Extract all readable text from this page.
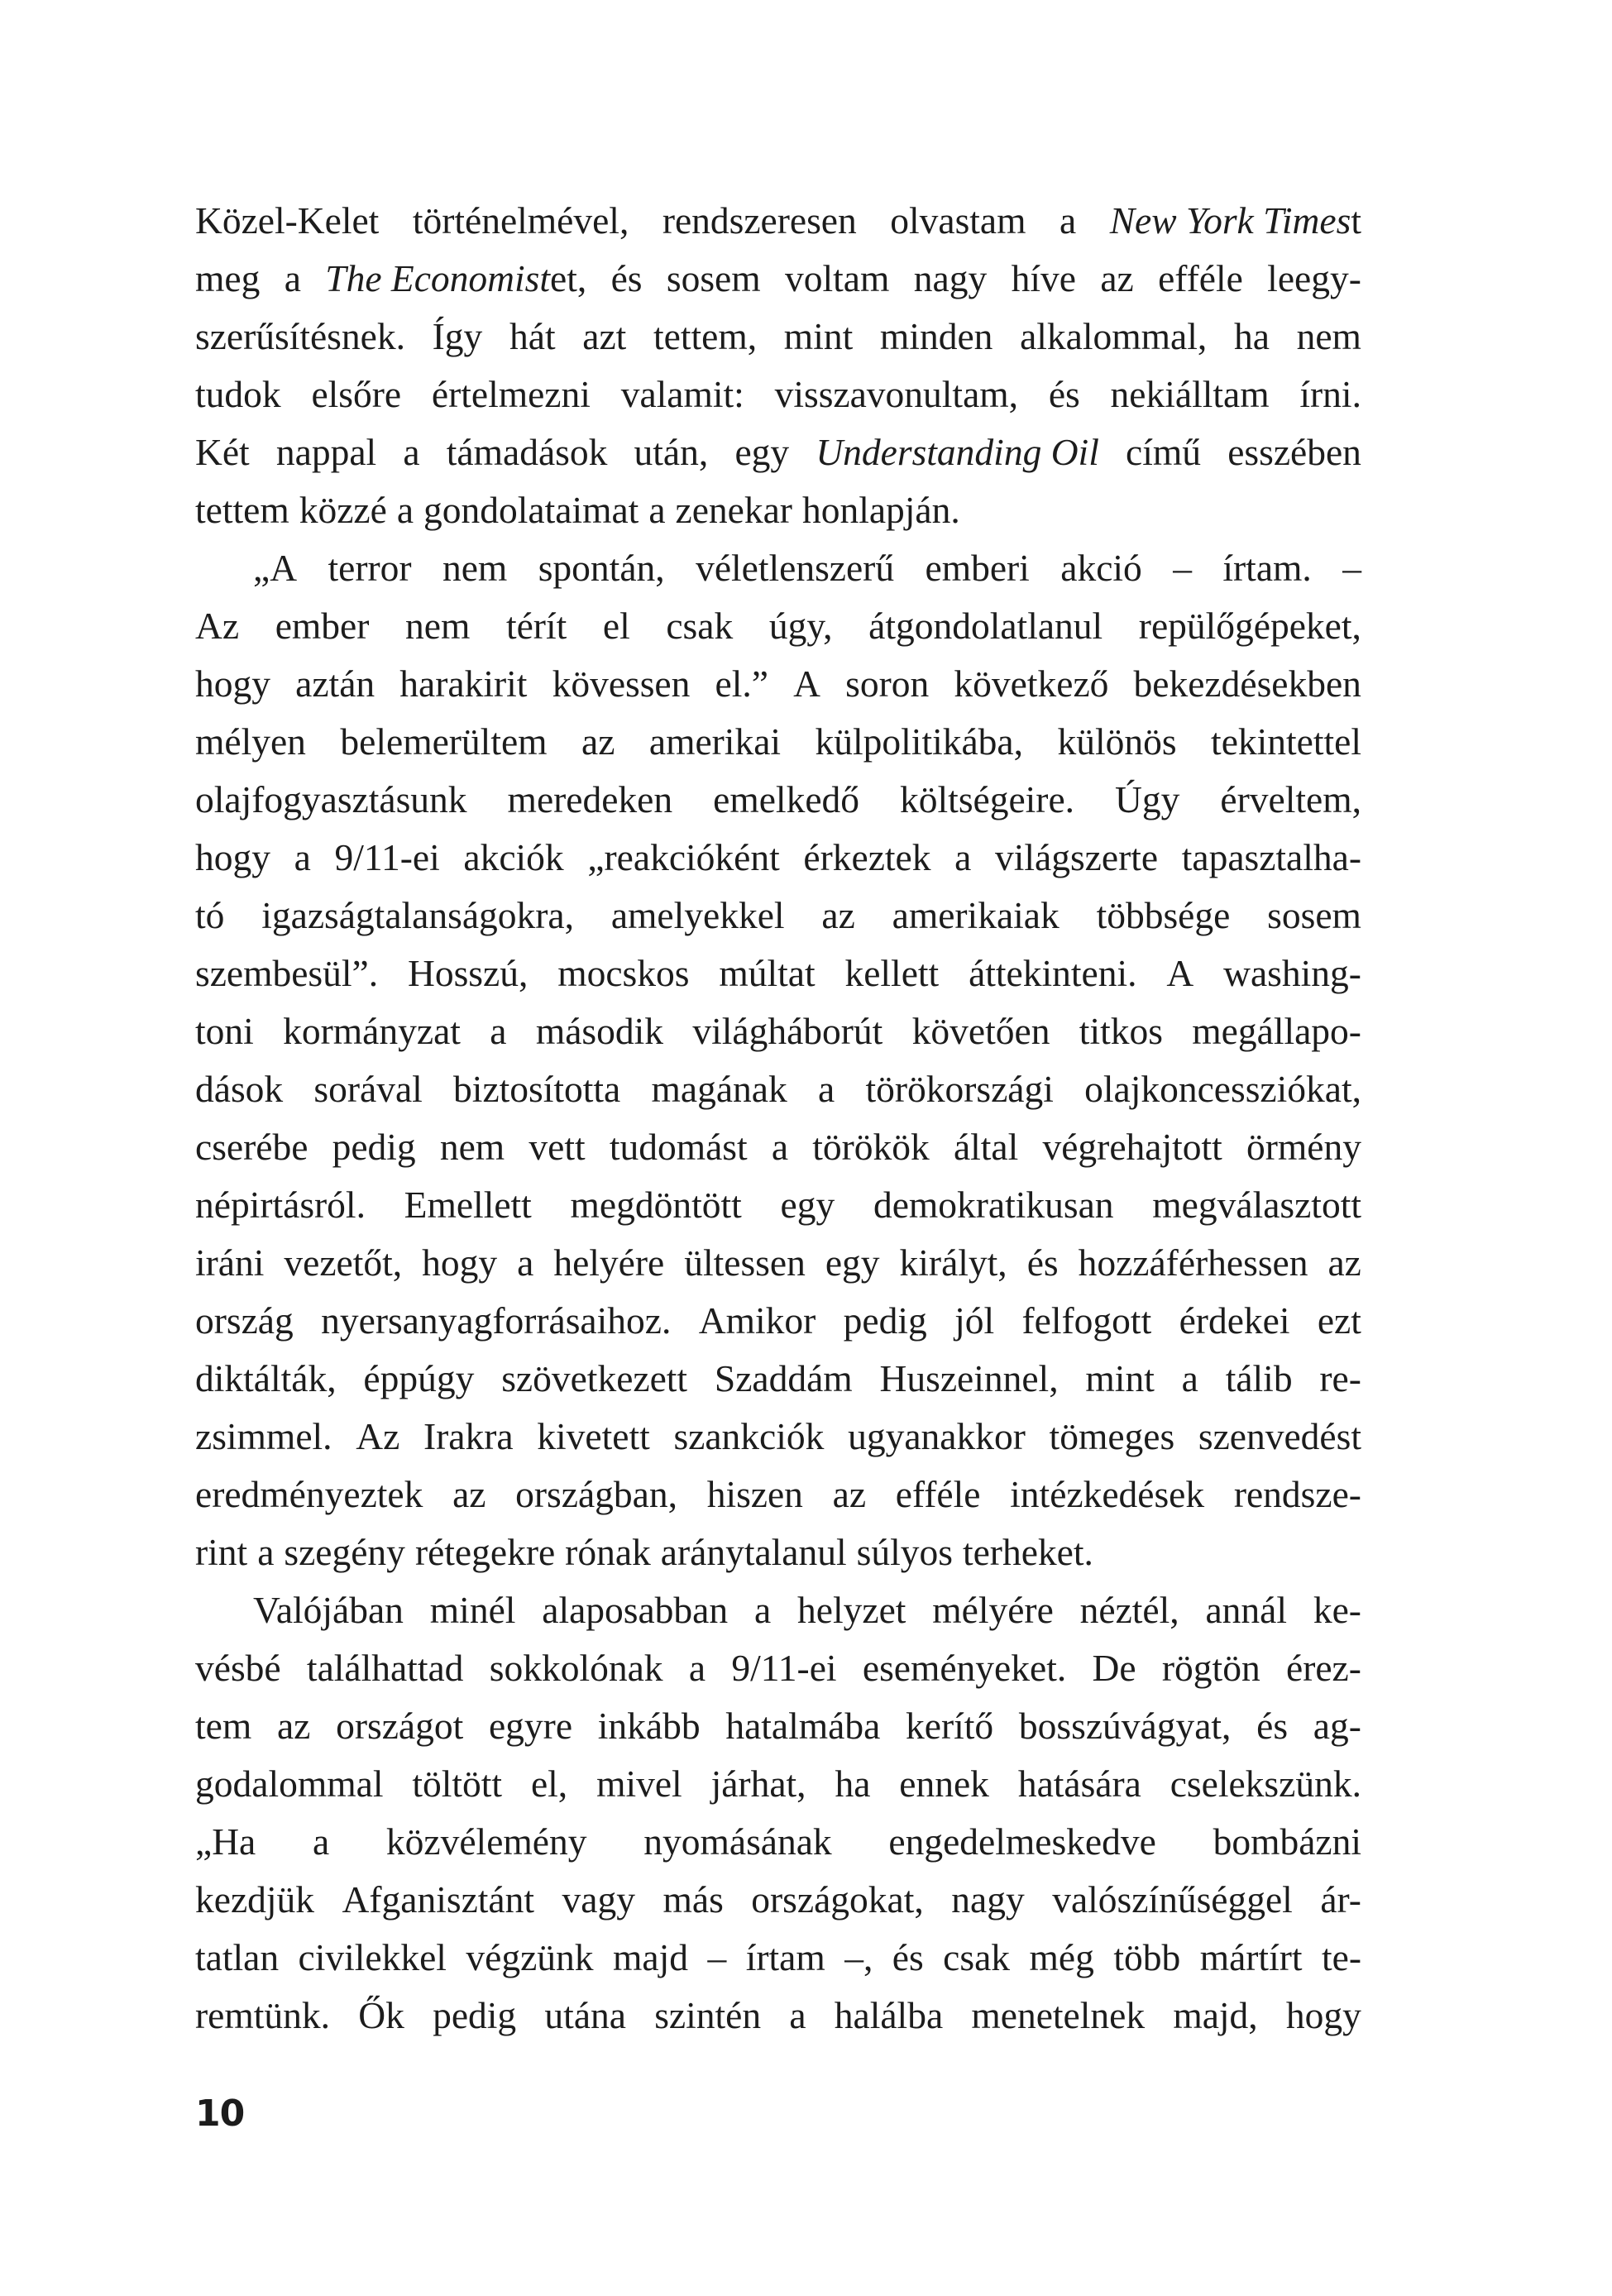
Közel-Kelet történelmével, rendszeresen olvastam a New York Timest
meg a The Economistet, és sosem voltam nagy híve az efféle leegy-
szerűsítésnek. Így hát azt tettem, mint minden alkalommal, ha nem
tudok elsőre értelmezni valamit: visszavonultam, és nekiálltam írni.
Két nappal a támadások után, egy Understanding Oil című esszében
tettem közzé a gondolataimat a zenekar honlapján.
„A terror nem spontán, véletlenszerű emberi akció – írtam. –
Az ember nem térít el csak úgy, átgondolatlanul repülőgépeket,
hogy aztán harakirit kövessen el.” A soron következő bekezdésekben
mélyen belemerültem az amerikai külpolitikába, különös tekintettel
olajfogyasztásunk meredeken emelkedő költségeire. Úgy érveltem,
hogy a 9/11-ei akciók „reakcióként érkeztek a világszerte tapasztalha-
tó igazságtalanságokra, amelyekkel az amerikaiak többsége sosem
szembesül”. Hosszú, mocskos múltat kellett áttekinteni. A washing-
toni kormányzat a második világháborút követően titkos megállapo-
dások sorával biztosította magának a törökországi olajkoncessziókat,
cserébe pedig nem vett tudomást a törökök által végrehajtott örmény
népirtásról. Emellett megdöntött egy demokratikusan megválasztott
iráni vezetőt, hogy a helyére ültessen egy királyt, és hozzáférhessen az
ország nyersanyagforrásaihoz. Amikor pedig jól felfogott érdekei ezt
diktálták, éppúgy szövetkezett Szaddám Huszeinnel, mint a tálib re-
zsimmel. Az Irakra kivetett szankciók ugyanakkor tömeges szenvedést
eredményeztek az országban, hiszen az efféle intézkedések rendsze-
rint a szegény rétegekre rónak aránytalanul súlyos terheket.
Valójában minél alaposabban a helyzet mélyére néztél, annál ke-
vésbé találhattad sokkolónak a 9/11-ei eseményeket. De rögtön érez-
tem az országot egyre inkább hatalmába kerítő bosszúvágyat, és ag-
godalommal töltött el, mivel járhat, ha ennek hatására cselekszünk.
„Ha a közvélemény nyomásának engedelmeskedve bombázni
kezdjük Afganisztánt vagy más országokat, nagy valószínűséggel ár-
tatlan civilekkel végzünk majd – írtam –, és csak még több mártírt te-
remtünk. Ők pedig utána szintén a halálba menetelnek majd, hogy
10
